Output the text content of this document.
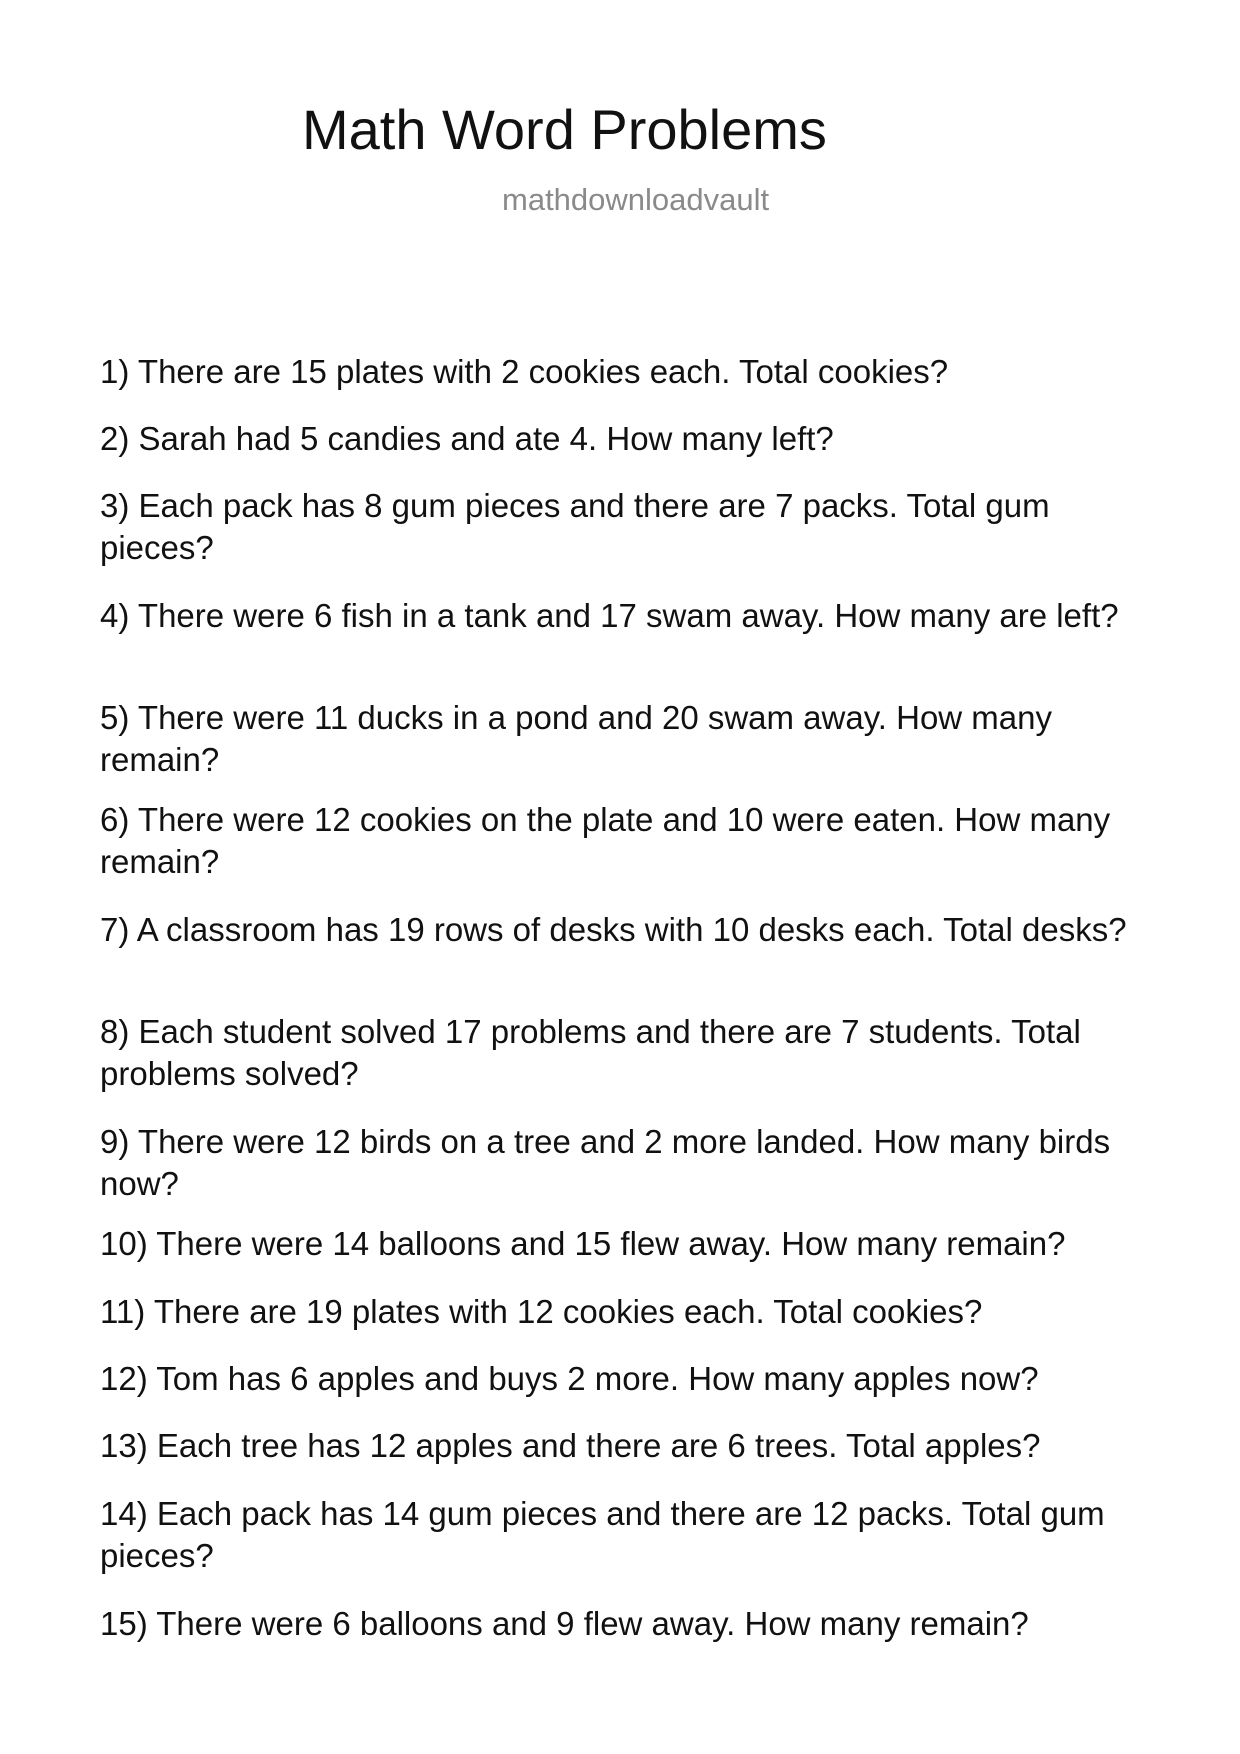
Math Word Problems
mathdownloadvault

1) There are 15 plates with 2 cookies each. Total cookies?

2) Sarah had 5 candies and ate 4. How many left?

3) Each pack has 8 gum pieces and there are 7 packs. Total gum pieces?

4) There were 6 fish in a tank and 17 swam away. How many are left?

5) There were 11 ducks in a pond and 20 swam away. How many remain?

6) There were 12 cookies on the plate and 10 were eaten. How many remain?

7) A classroom has 19 rows of desks with 10 desks each. Total desks?

8) Each student solved 17 problems and there are 7 students. Total problems solved?

9) There were 12 birds on a tree and 2 more landed. How many birds now?

10) There were 14 balloons and 15 flew away. How many remain?

11) There are 19 plates with 12 cookies each. Total cookies?

12) Tom has 6 apples and buys 2 more. How many apples now?

13) Each tree has 12 apples and there are 6 trees. Total apples?

14) Each pack has 14 gum pieces and there are 12 packs. Total gum pieces?

15) There were 6 balloons and 9 flew away. How many remain?
